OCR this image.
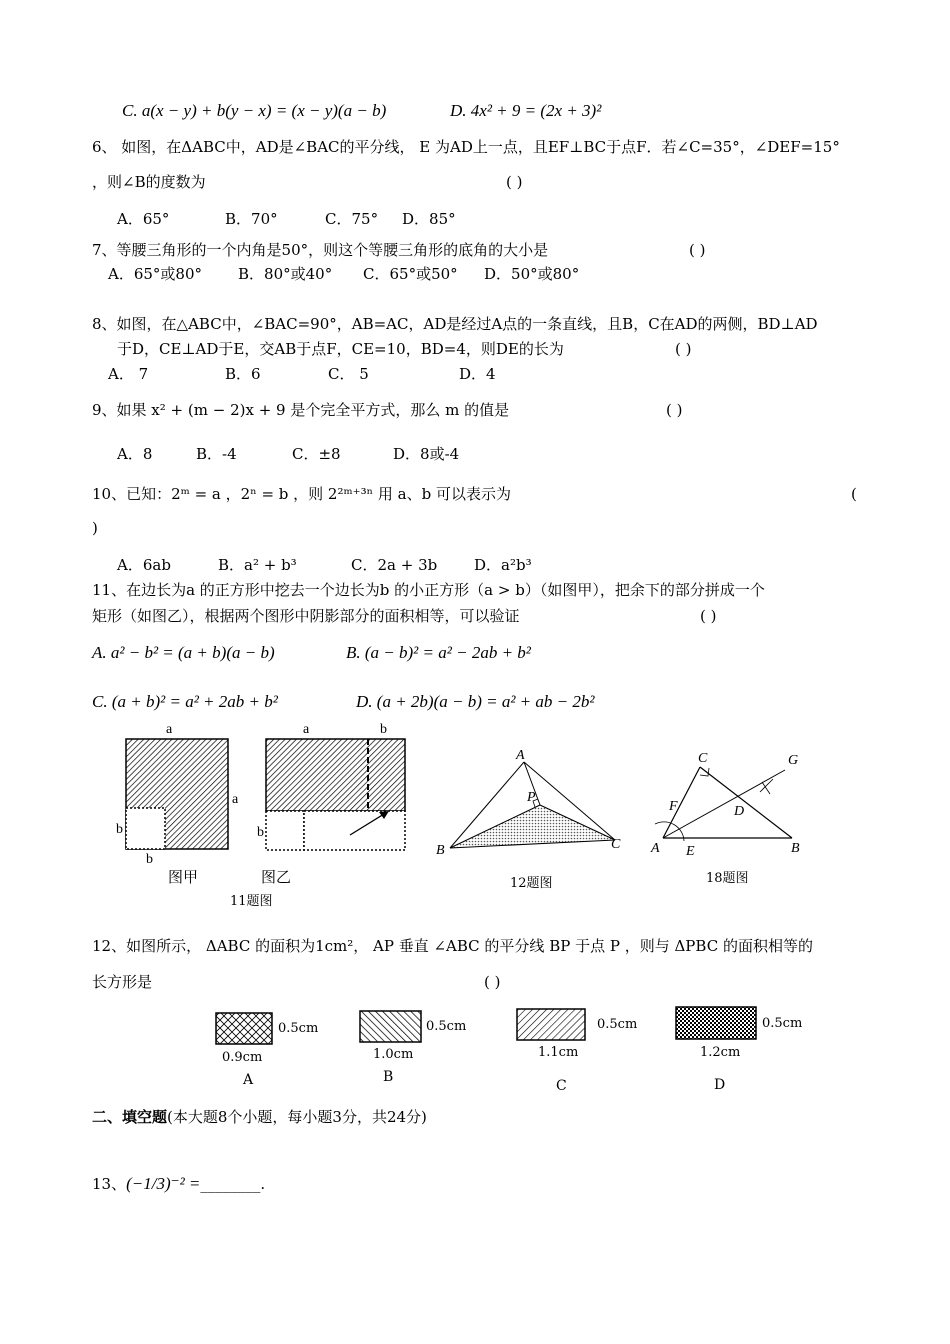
C. a(x − y) + b(y − x) = (x − y)(a − b)	D. 4x² + 9 = (2x + 3)²
6、 如图，在ΔABC中，AD是∠BAC的平分线， E 为AD上一点，且EF⊥BC于点F．若∠C=35°，∠DEF=15°
，则∠B的度数为	( )
A．65°	B．70°	C．75° D．85°
7、等腰三角形的一个内角是50°，则这个等腰三角形的底角的大小是	( )
A．65°或80° B．80°或40° C．65°或50° D．50°或80°
8、如图，在△ABC中，∠BAC=90°，AB=AC，AD是经过A点的一条直线，且B，C在AD的两侧，BD⊥AD
于D，CE⊥AD于E，交AB于点F，CE=10，BD=4，则DE的长为	( )
A． 7	B．6	C． 5	D．4
9、如果 x² + (m − 2)x + 9 是个完全平方式，那么 m 的值是	( )
A．8	B．-4	C．±8	D．8或-4
10、已知：2ᵐ = a ，2ⁿ = b ，则 2²ᵐ⁺³ⁿ 用 a、b 可以表示为	(
)
A．6ab	B．a² + b³	C．2a + 3b D．a²b³
11、在边长为a 的正方形中挖去一个边长为b 的小正方形（a > b）（如图甲），把余下的部分拼成一个
矩形（如图乙），根据两个图形中阴影部分的面积相等，可以验证	( )
A. a² − b² = (a + b)(a − b)	B. (a − b)² = a² − 2ab + b²
C. (a + b)² = a² + 2ab + b²	D. (a + 2b)(a − b) = a² + ab − 2b²
a
a
b
b
图甲
a	b
b
图乙
11题图
A
B	C
P
12题图
A	B
C
D
E
F
G
18题图
12、如图所示， ΔABC 的面积为1cm²， AP 垂直 ∠ABC 的平分线 BP 于点 P ，则与 ΔPBC 的面积相等的
长方形是	( )
0.5cm
0.9cm
A
0.5cm
1.0cm
B
0.5cm
1.1cm
C
0.5cm
1.2cm
D
二、填空题(本大题8个小题，每小题3分，共24分)
13、(−1/3)⁻² =________.
